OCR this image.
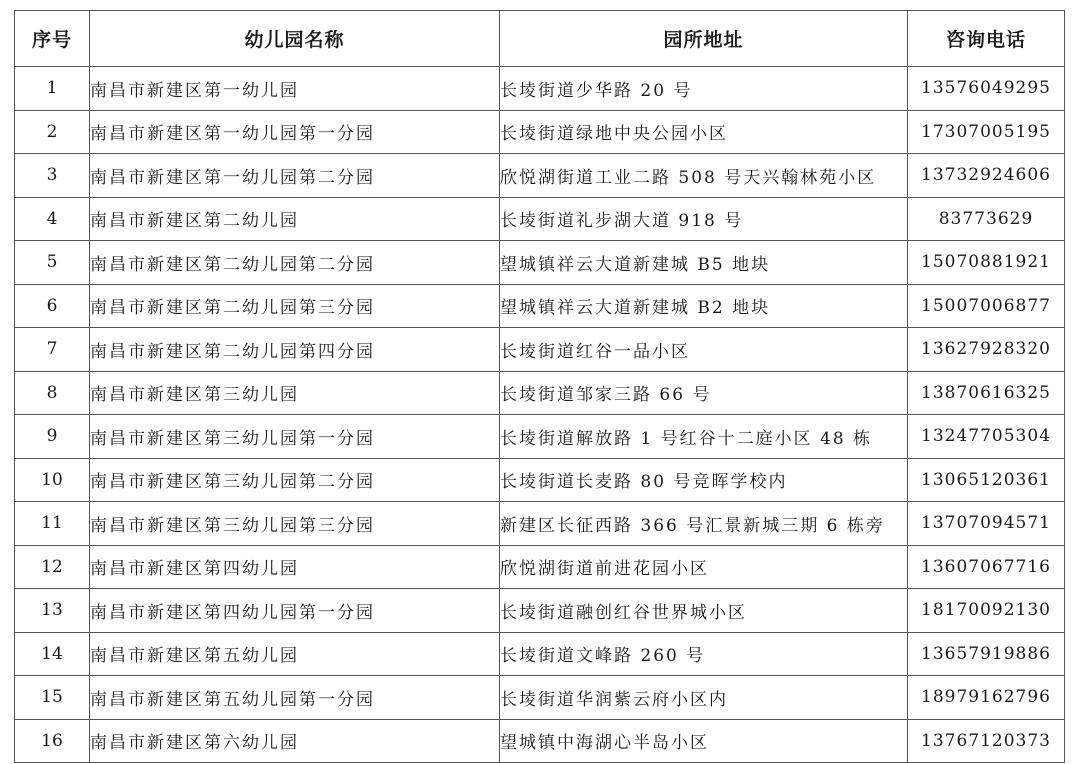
序号	幼儿园名称	园所地址	咨询电话
1	南昌市新建区第一幼儿园	长堎街道少华路 20 号	13576049295
2	南昌市新建区第一幼儿园第一分园	长堎街道绿地中央公园小区	17307005195
3	南昌市新建区第一幼儿园第二分园	欣悦湖街道工业二路 508 号天兴翰林苑小区	13732924606
4	南昌市新建区第二幼儿园	长堎街道礼步湖大道 918 号	83773629
5	南昌市新建区第二幼儿园第二分园	望城镇祥云大道新建城 B5 地块	15070881921
6	南昌市新建区第二幼儿园第三分园	望城镇祥云大道新建城 B2 地块	15007006877
7	南昌市新建区第二幼儿园第四分园	长堎街道红谷一品小区	13627928320
8	南昌市新建区第三幼儿园	长堎街道邹家三路 66 号	13870616325
9	南昌市新建区第三幼儿园第一分园	长堎街道解放路 1 号红谷十二庭小区 48 栋	13247705304
10	南昌市新建区第三幼儿园第二分园	长堎街道长麦路 80 号竞晖学校内	13065120361
11	南昌市新建区第三幼儿园第三分园	新建区长征西路 366 号汇景新城三期 6 栋旁	13707094571
12	南昌市新建区第四幼儿园	欣悦湖街道前进花园小区	13607067716
13	南昌市新建区第四幼儿园第一分园	长堎街道融创红谷世界城小区	18170092130
14	南昌市新建区第五幼儿园	长堎街道文峰路 260 号	13657919886
15	南昌市新建区第五幼儿园第一分园	长堎街道华润紫云府小区内	18979162796
16	南昌市新建区第六幼儿园	望城镇中海湖心半岛小区	13767120373
